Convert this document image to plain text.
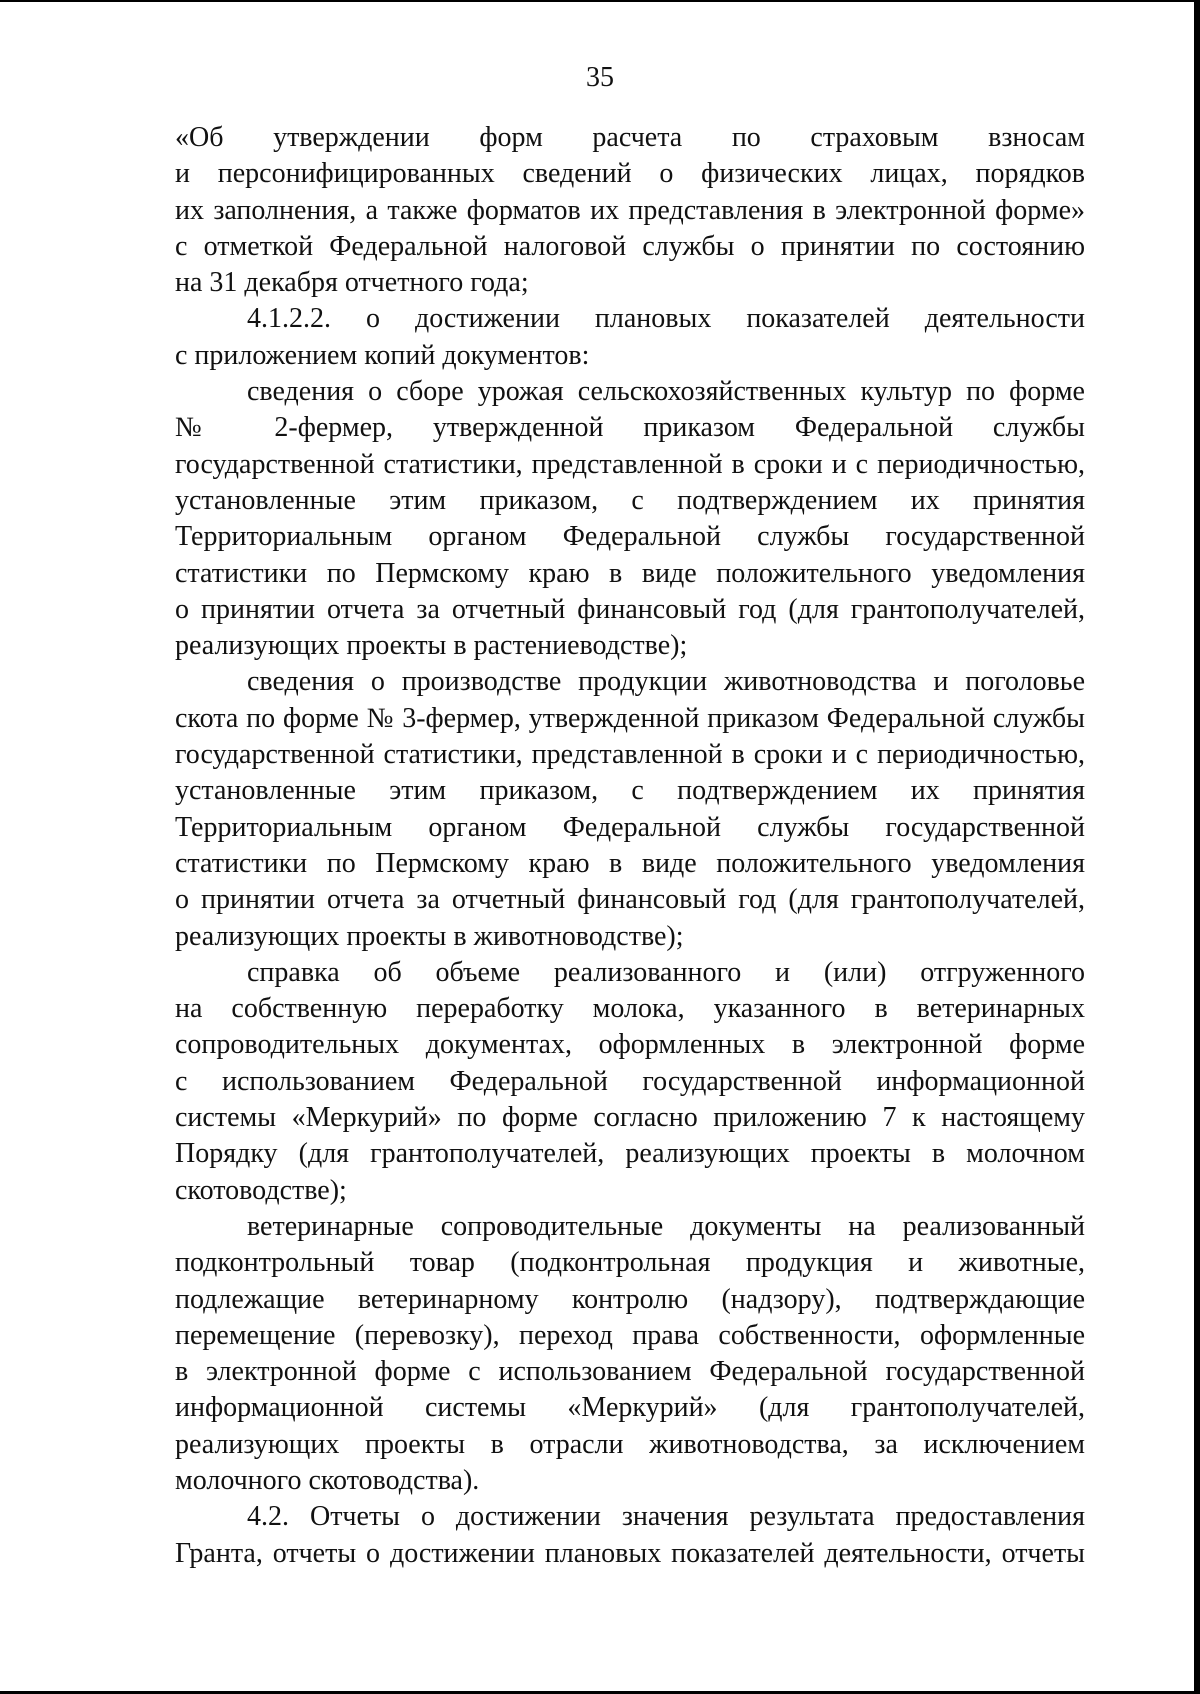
35
«Об утверждении форм расчета по страховым взносам
и персонифицированных сведений о физических лицах, порядков
их заполнения, а также форматов их представления в электронной форме»
с отметкой Федеральной налоговой службы о принятии по состоянию
на 31 декабря отчетного года;
4.1.2.2. о достижении плановых показателей деятельности
с приложением копий документов:
сведения о сборе урожая сельскохозяйственных культур по форме
№ 2-фермер, утвержденной приказом Федеральной службы
государственной статистики, представленной в сроки и с периодичностью,
установленные этим приказом, с подтверждением их принятия
Территориальным органом Федеральной службы государственной
статистики по Пермскому краю в виде положительного уведомления
о принятии отчета за отчетный финансовый год (для грантополучателей,
реализующих проекты в растениеводстве);
сведения о производстве продукции животноводства и поголовье
скота по форме № 3-фермер, утвержденной приказом Федеральной службы
государственной статистики, представленной в сроки и с периодичностью,
установленные этим приказом, с подтверждением их принятия
Территориальным органом Федеральной службы государственной
статистики по Пермскому краю в виде положительного уведомления
о принятии отчета за отчетный финансовый год (для грантополучателей,
реализующих проекты в животноводстве);
справка об объеме реализованного и (или) отгруженного
на собственную переработку молока, указанного в ветеринарных
сопроводительных документах, оформленных в электронной форме
с использованием Федеральной государственной информационной
системы «Меркурий» по форме согласно приложению 7 к настоящему
Порядку (для грантополучателей, реализующих проекты в молочном
скотоводстве);
ветеринарные сопроводительные документы на реализованный
подконтрольный товар (подконтрольная продукция и животные,
подлежащие ветеринарному контролю (надзору), подтверждающие
перемещение (перевозку), переход права собственности, оформленные
в электронной форме с использованием Федеральной государственной
информационной системы «Меркурий» (для грантополучателей,
реализующих проекты в отрасли животноводства, за исключением
молочного скотоводства).
4.2. Отчеты о достижении значения результата предоставления
Гранта, отчеты о достижении плановых показателей деятельности, отчеты
